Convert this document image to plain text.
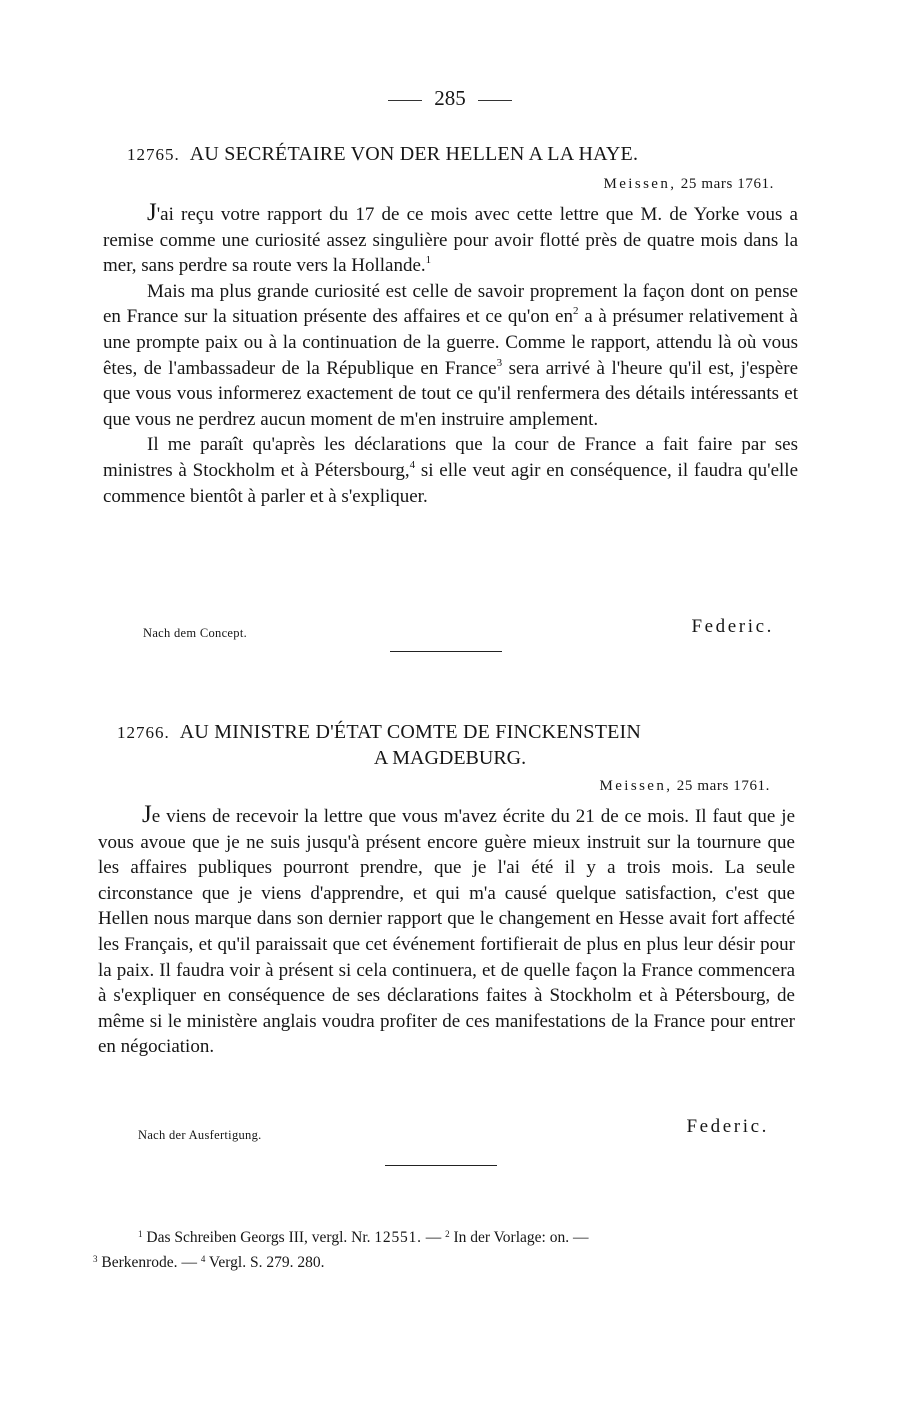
285
12765. AU SECRÉTAIRE VON DER HELLEN A LA HAYE.
Meissen, 25 mars 1761.

J'ai reçu votre rapport du 17 de ce mois avec cette lettre que M. de Yorke vous a remise comme une curiosité assez singulière pour avoir flotté près de quatre mois dans la mer, sans perdre sa route vers la Hollande.$^1$

Mais ma plus grande curiosité est celle de savoir proprement la façon dont on pense en France sur la situation présente des affaires et ce qu'on $en^2$ a à présumer relativement à une prompte paix ou à la continuation de la guerre. Comme le rapport, attendu là où vous êtes, de l'ambassadeur de la République en France$^3$ sera arrivé à l'heure qu'il est, j'espère que vous vous informerez exactement de tout ce qu'il renfermera des détails intéressants et que vous ne perdrez aucun moment de m'en instruire amplement.

Il me paraît qu'après les déclarations que la cour de France a fait faire par ses ministres à Stockholm et à Pétersbourg,$^4$ si elle veut agir en conséquence, il faudra qu'elle commence bientôt à parler et à s'expliquer.

Nach dem Concept.	Federic.
12766. AU MINISTRE D'ÉTAT COMTE DE FINCKENSTEIN
A MAGDEBURG.
Meissen, 25 mars 1761.

Je viens de recevoir la lettre que vous m'avez écrite du 21 de ce mois. Il faut que je vous avoue que je ne suis jusqu'à présent encore guère mieux instruit sur la tournure que les affaires publiques pourront prendre, que je l'ai été il y a trois mois. La seule circonstance que je viens d'apprendre, et qui m'a causé quelque satisfaction, c'est que Hellen nous marque dans son dernier rapport que le changement en Hesse avait fort affecté les Français, et qu'il paraissait que cet événement fortifierait de plus en plus leur désir pour la paix. Il faudra voir à présent si cela continuera, et de quelle façon la France commencera à s'expliquer en conséquence de ses déclarations faites à Stockholm et à Pétersbourg, de même si le ministère anglais voudra profiter de ces manifestations de la France pour entrer en négociation.

Nach der Ausfertigung.	Federic.
$^1$ Das Schreiben Georgs III, vergl. Nr. 12551. — $^2$ In der Vorlage: on. —
$^3$ Berkenrode. — $^4$ Vergl. S. 279. 280.
